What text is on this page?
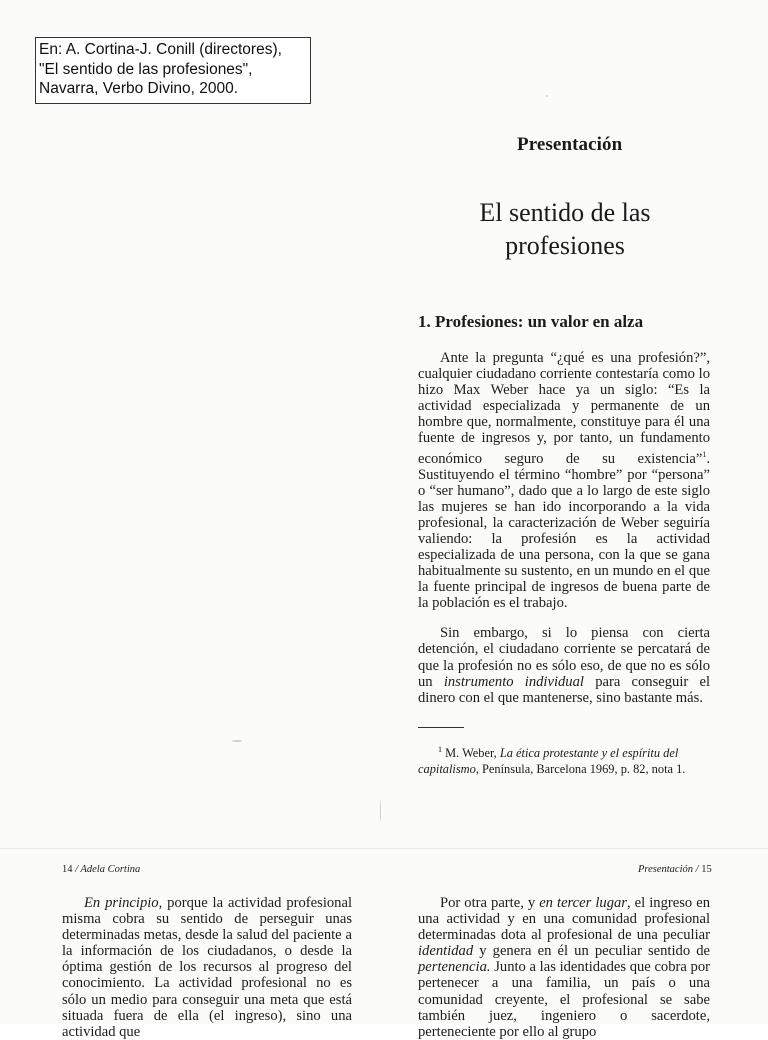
En: A. Cortina-J. Conill (directores),
"El sentido de las profesiones",
Navarra, Verbo Divino, 2000.
Presentación
El sentido de las
profesiones
1. Profesiones: un valor en alza

Ante la pregunta “¿qué es una profesión?”, cualquier ciudadano corriente contestaría como lo hizo Max Weber hace ya un siglo: “Es la actividad especializada y permanente de un hombre que, normalmente, constituye para él una fuente de ingresos y, por tanto, un fundamento económico seguro de su existencia”$^1$. Sustituyendo el término “hombre” por “persona” o “ser humano”, dado que a lo largo de este siglo las mujeres se han ido incorporando a la vida profesional, la caracterización de Weber seguiría valiendo: la profesión es la actividad especializada de una persona, con la que se gana habitualmente su sustento, en un mundo en el que la fuente principal de ingresos de buena parte de la población es el trabajo.

Sin embargo, si lo piensa con cierta detención, el ciudadano corriente se percatará de que la profesión no es sólo eso, de que no es sólo un instrumento individual para conseguir el dinero con el que mantenerse, sino bastante más.

$^1$ M. Weber, La ética protestante y el espíritu del capitalismo, Península, Barcelona 1969, p. 82, nota 1.
14 / Adela Cortina	Presentación / 15

En principio, porque la actividad profesional misma cobra su sentido de perseguir unas determinadas metas, desde la salud del paciente a la información de los ciudadanos, o desde la óptima gestión de los recursos al progreso del conocimiento. La actividad profesional no es sólo un medio para conseguir una meta que está situada fuera de ella (el ingreso), sino una actividad que

Por otra parte, y en tercer lugar, el ingreso en una actividad y en una comunidad profesional determinadas dota al profesional de una peculiar identidad y genera en él un peculiar sentido de pertenencia. Junto a las identidades que cobra por pertenecer a una familia, un país o una comunidad creyente, el profesional se sabe también juez, ingeniero o sacerdote, perteneciente por ello al grupo
